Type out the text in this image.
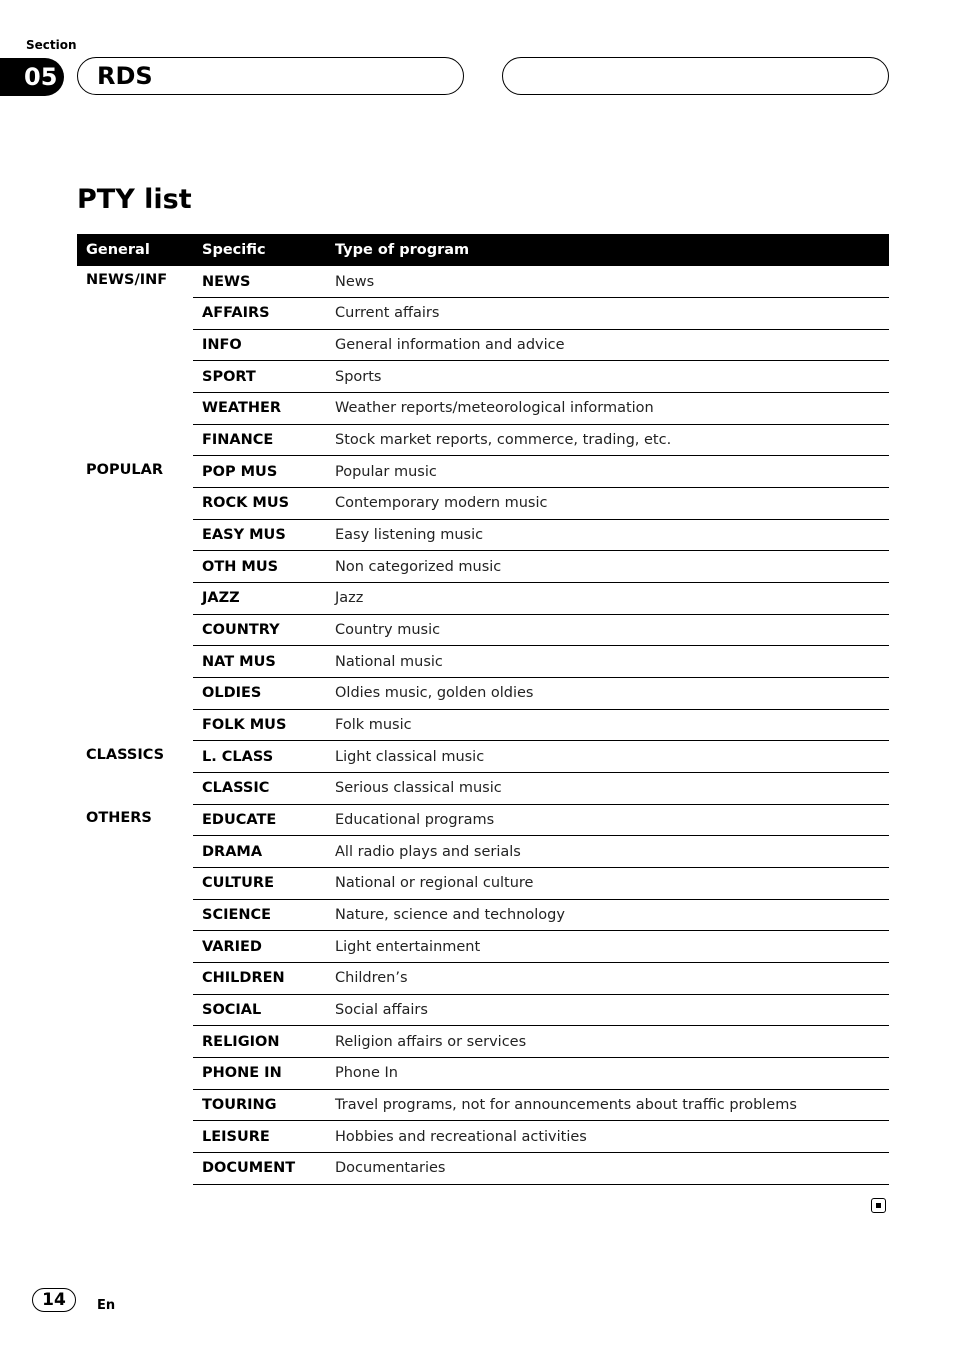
Section
05 RDS
PTY list
General	Specific	Type of program
NEWS/INF	NEWS	News
	AFFAIRS	Current affairs
	INFO	General information and advice
	SPORT	Sports
	WEATHER	Weather reports/meteorological information
	FINANCE	Stock market reports, commerce, trading, etc.
POPULAR	POP MUS	Popular music
	ROCK MUS	Contemporary modern music
	EASY MUS	Easy listening music
	OTH MUS	Non categorized music
	JAZZ	Jazz
	COUNTRY	Country music
	NAT MUS	National music
	OLDIES	Oldies music, golden oldies
	FOLK MUS	Folk music
CLASSICS	L. CLASS	Light classical music
	CLASSIC	Serious classical music
OTHERS	EDUCATE	Educational programs
	DRAMA	All radio plays and serials
	CULTURE	National or regional culture
	SCIENCE	Nature, science and technology
	VARIED	Light entertainment
	CHILDREN	Children’s
	SOCIAL	Social affairs
	RELIGION	Religion affairs or services
	PHONE IN	Phone In
	TOURING	Travel programs, not for announcements about traffic problems
	LEISURE	Hobbies and recreational activities
	DOCUMENT	Documentaries
14	En
